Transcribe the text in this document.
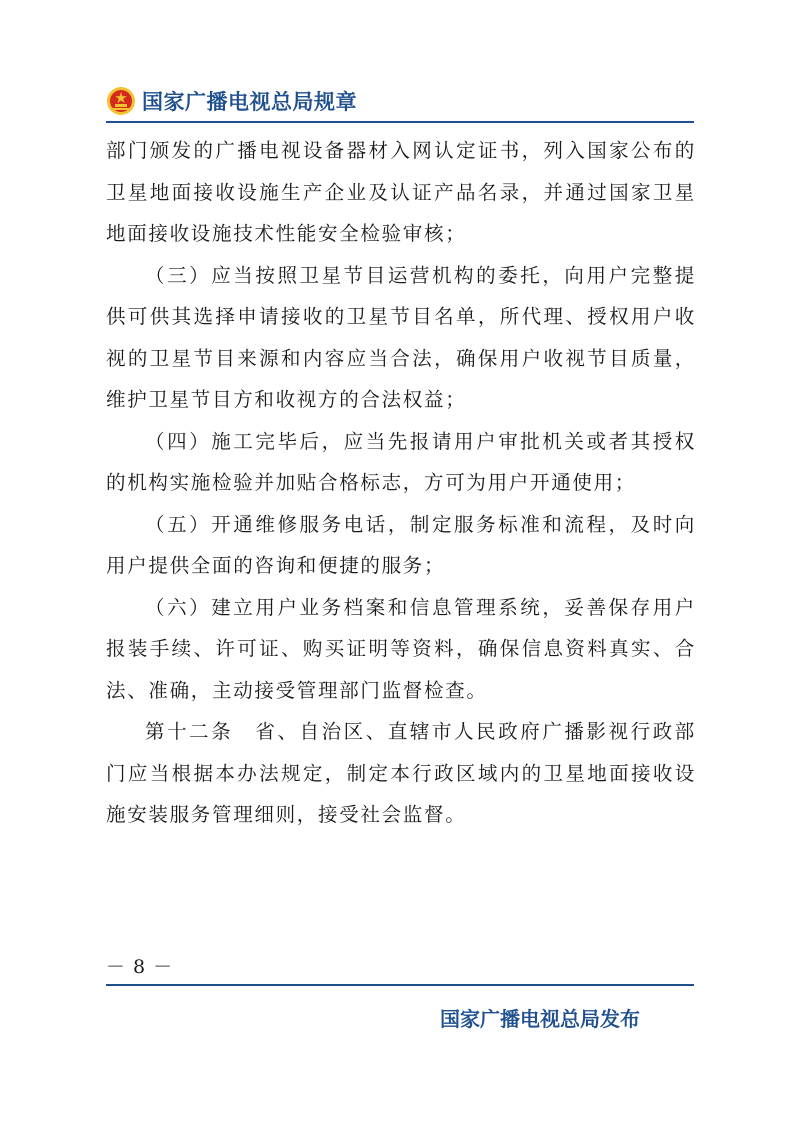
国家广播电视总局规章

部门颁发的广播电视设备器材入网认定证书，列入国家公布的卫星地面接收设施生产企业及认证产品名录，并通过国家卫星地面接收设施技术性能安全检验审核；

（三）应当按照卫星节目运营机构的委托，向用户完整提供可供其选择申请接收的卫星节目名单，所代理、授权用户收视的卫星节目来源和内容应当合法，确保用户收视节目质量，维护卫星节目方和收视方的合法权益；

（四）施工完毕后，应当先报请用户审批机关或者其授权的机构实施检验并加贴合格标志，方可为用户开通使用；

（五）开通维修服务电话，制定服务标准和流程，及时向用户提供全面的咨询和便捷的服务；

（六）建立用户业务档案和信息管理系统，妥善保存用户报装手续、许可证、购买证明等资料，确保信息资料真实、合法、准确，主动接受管理部门监督检查。

第十二条　省、自治区、直辖市人民政府广播影视行政部门应当根据本办法规定，制定本行政区域内的卫星地面接收设施安装服务管理细则，接受社会监督。

－ 8 －
国家广播电视总局发布
